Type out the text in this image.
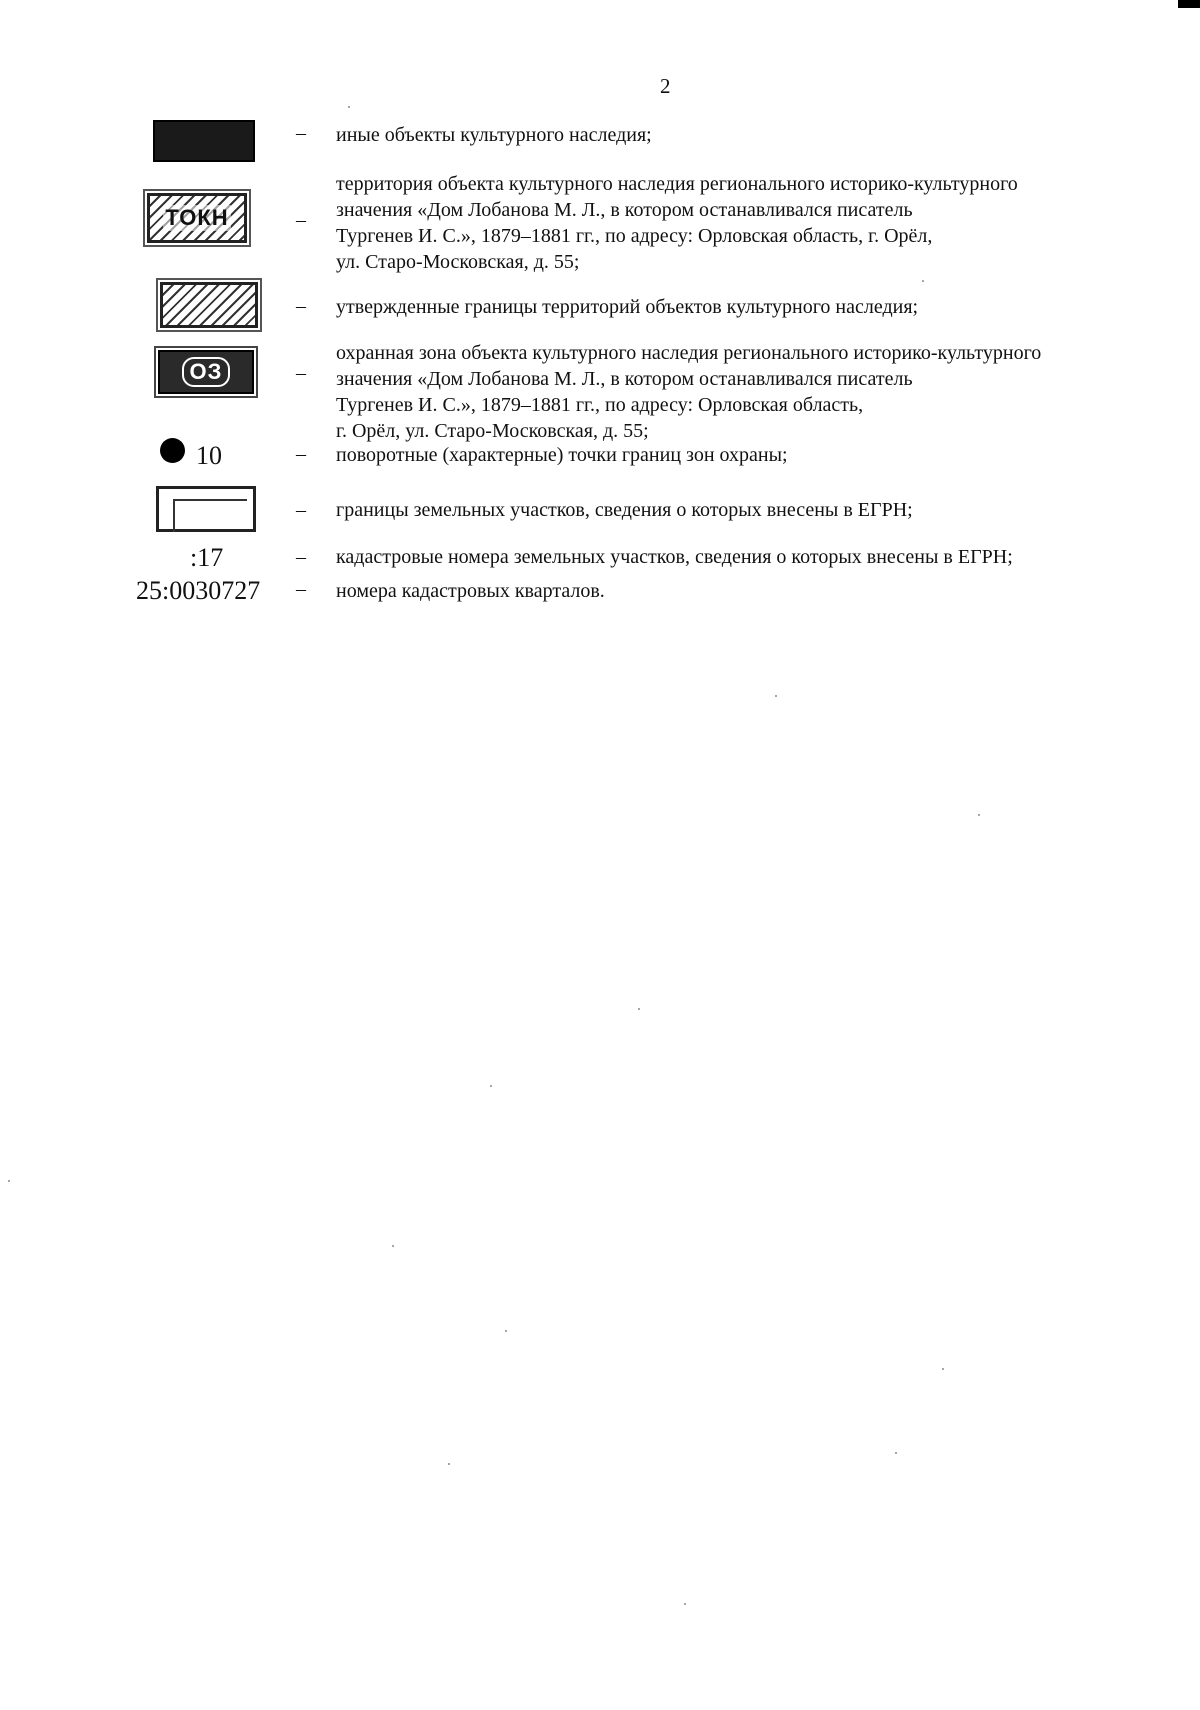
2
– иные объекты культурного наследия;
ТОКН	–
территория объекта культурного наследия регионального историко-культурного
значения «Дом Лобанова М. Л., в котором останавливался писатель
Тургенев И. С.», 1879–1881 гг., по адресу: Орловская область, г. Орёл,
ул. Старо-Московская, д. 55;
– утвержденные границы территорий объектов культурного наследия;
ОЗ	–
охранная зона объекта культурного наследия регионального историко-культурного
значения «Дом Лобанова М. Л., в котором останавливался писатель
Тургенев И. С.», 1879–1881 гг., по адресу: Орловская область,
г. Орёл, ул. Старо-Московская, д. 55;
10	– поворотные (характерные) точки границ зон охраны;
– границы земельных участков, сведения о которых внесены в ЕГРН;
:17	– кадастровые номера земельных участков, сведения о которых внесены в ЕГРН;
25:0030727 – номера кадастровых кварталов.
